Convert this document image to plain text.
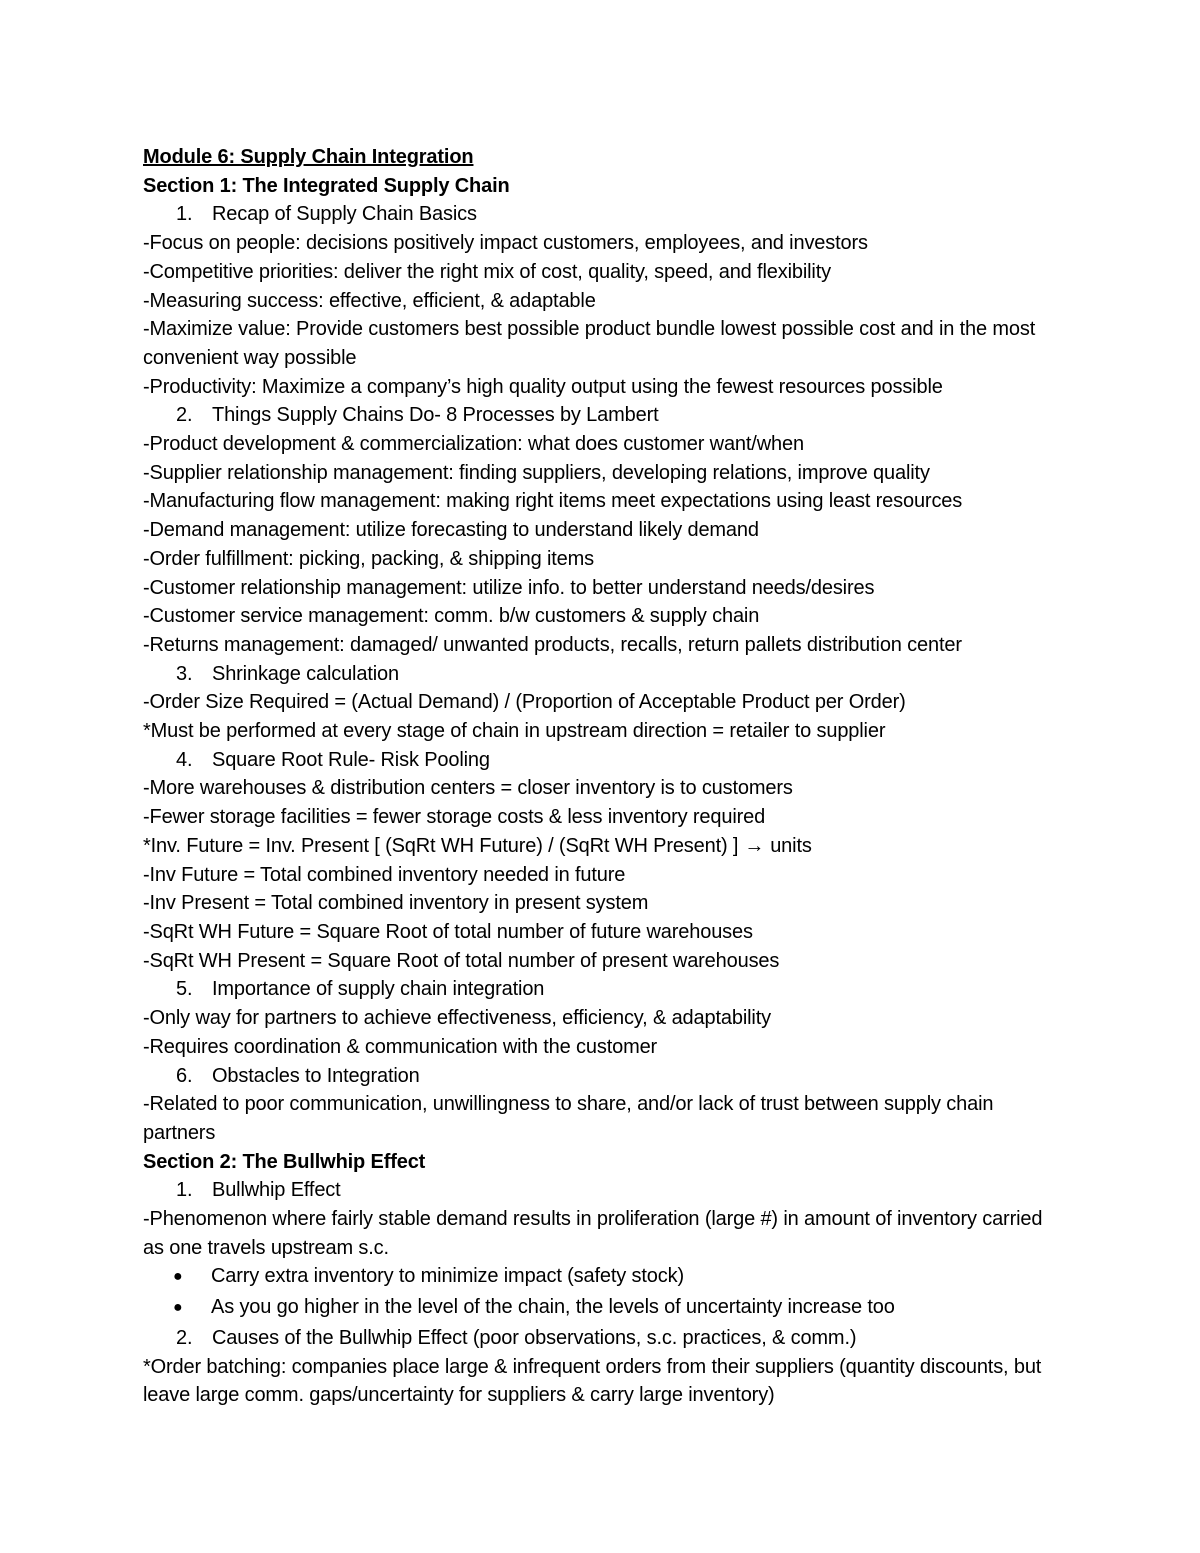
Module 6: Supply Chain Integration
Section 1: The Integrated Supply Chain
1. Recap of Supply Chain Basics
-Focus on people: decisions positively impact customers, employees, and investors
-Competitive priorities: deliver the right mix of cost, quality, speed, and flexibility
-Measuring success: effective, efficient, & adaptable
-Maximize value: Provide customers best possible product bundle lowest possible cost and in the most convenient way possible
-Productivity: Maximize a company’s high quality output using the fewest resources possible
2. Things Supply Chains Do- 8 Processes by Lambert
-Product development & commercialization: what does customer want/when
-Supplier relationship management: finding suppliers, developing relations, improve quality
-Manufacturing flow management: making right items meet expectations using least resources
-Demand management: utilize forecasting to understand likely demand
-Order fulfillment: picking, packing, & shipping items
-Customer relationship management: utilize info. to better understand needs/desires
-Customer service management: comm. b/w customers & supply chain
-Returns management: damaged/ unwanted products, recalls, return pallets distribution center
3. Shrinkage calculation
-Order Size Required = (Actual Demand) / (Proportion of Acceptable Product per Order)
*Must be performed at every stage of chain in upstream direction = retailer to supplier
4. Square Root Rule- Risk Pooling
-More warehouses & distribution centers = closer inventory is to customers
-Fewer storage facilities = fewer storage costs & less inventory required
*Inv. Future = Inv. Present [ (SqRt WH Future) / (SqRt WH Present) ] → units
-Inv Future = Total combined inventory needed in future
-Inv Present = Total combined inventory in present system
-SqRt WH Future = Square Root of total number of future warehouses
-SqRt WH Present = Square Root of total number of present warehouses
5. Importance of supply chain integration
-Only way for partners to achieve effectiveness, efficiency, & adaptability
-Requires coordination & communication with the customer
6. Obstacles to Integration
-Related to poor communication, unwillingness to share, and/or lack of trust between supply chain partners
Section 2: The Bullwhip Effect
1. Bullwhip Effect
-Phenomenon where fairly stable demand results in proliferation (large #) in amount of inventory carried as one travels upstream s.c.
● Carry extra inventory to minimize impact (safety stock)
● As you go higher in the level of the chain, the levels of uncertainty increase too
2. Causes of the Bullwhip Effect (poor observations, s.c. practices, & comm.)
*Order batching: companies place large & infrequent orders from their suppliers (quantity discounts, but leave large comm. gaps/uncertainty for suppliers & carry large inventory)
